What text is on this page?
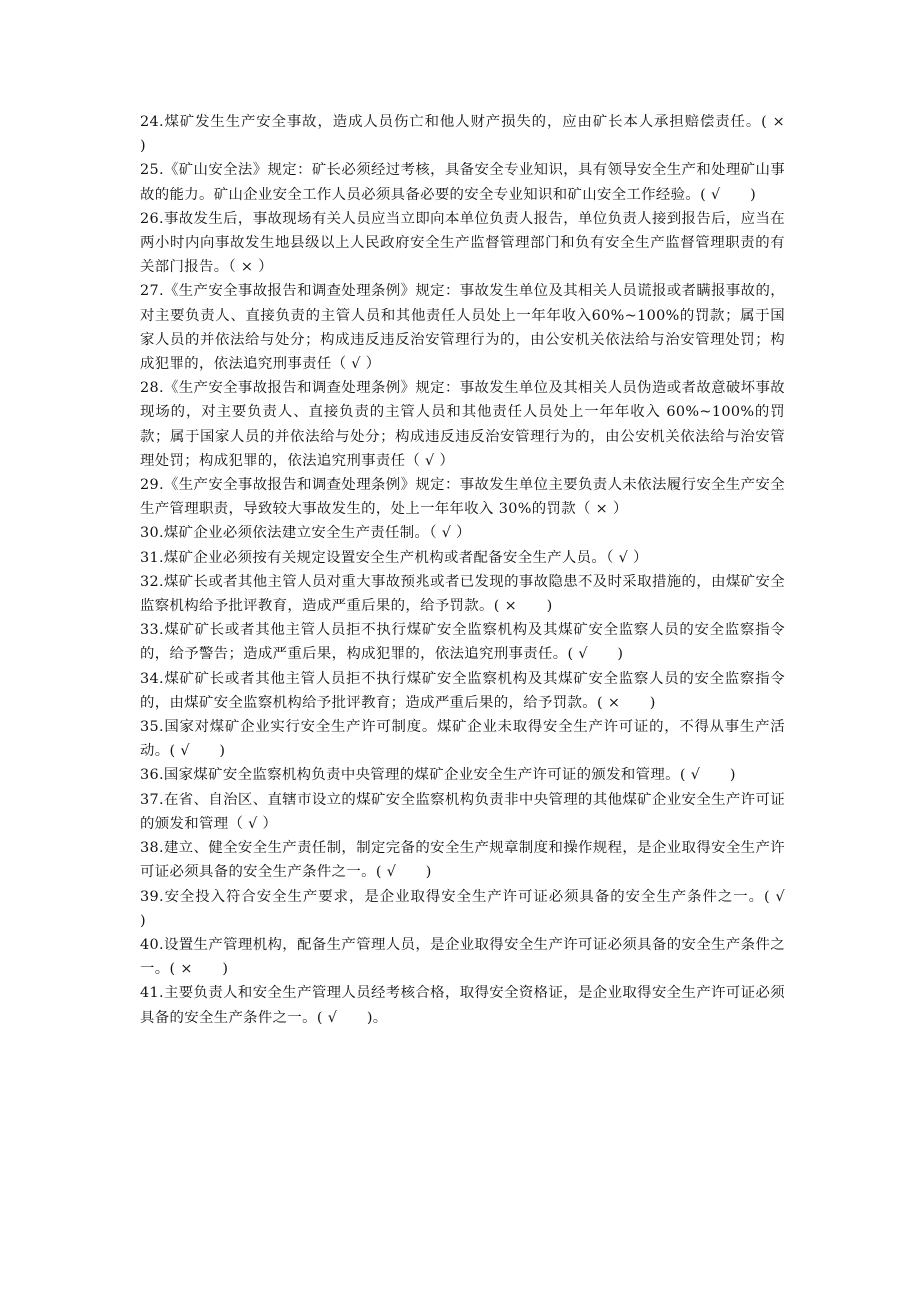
24.煤矿发生生产安全事故，造成人员伤亡和他人财产损失的，应由矿长本人承担赔偿责任。( ×      )

25.《矿山安全法》规定：矿长必须经过考核，具备安全专业知识，具有领导安全生产和处理矿山事故的能力。矿山企业安全工作人员必须具备必要的安全专业知识和矿山安全工作经验。( √      )

26.事故发生后，事故现场有关人员应当立即向本单位负责人报告，单位负责人接到报告后，应当在两小时内向事故发生地县级以上人民政府安全生产监督管理部门和负有安全生产监督管理职责的有关部门报告。（ × ）

27.《生产安全事故报告和调查处理条例》规定：事故发生单位及其相关人员谎报或者瞒报事故的，对主要负责人、直接负责的主管人员和其他责任人员处上一年年收入60%~100%的罚款；属于国家人员的并依法给与处分；构成违反违反治安管理行为的，由公安机关依法给与治安管理处罚；构成犯罪的，依法追究刑事责任（ √ ）

28.《生产安全事故报告和调查处理条例》规定：事故发生单位及其相关人员伪造或者故意破坏事故现场的，对主要负责人、直接负责的主管人员和其他责任人员处上一年年收入 60%~100%的罚款；属于国家人员的并依法给与处分；构成违反违反治安管理行为的，由公安机关依法给与治安管理处罚；构成犯罪的，依法追究刑事责任（ √ ）

29.《生产安全事故报告和调查处理条例》规定：事故发生单位主要负责人未依法履行安全生产安全生产管理职责，导致较大事故发生的，处上一年年收入 30%的罚款（ × ）

30.煤矿企业必须依法建立安全生产责任制。（ √ ）

31.煤矿企业必须按有关规定设置安全生产机构或者配备安全生产人员。（ √ ）

32.煤矿长或者其他主管人员对重大事故预兆或者已发现的事故隐患不及时采取措施的，由煤矿安全监察机构给予批评教育，造成严重后果的，给予罚款。( ×      )

33.煤矿矿长或者其他主管人员拒不执行煤矿安全监察机构及其煤矿安全监察人员的安全监察指令的，给予警告；造成严重后果，构成犯罪的，依法追究刑事责任。( √      )

34.煤矿矿长或者其他主管人员拒不执行煤矿安全监察机构及其煤矿安全监察人员的安全监察指令的，由煤矿安全监察机构给予批评教育；造成严重后果的，给予罚款。( ×      )

35.国家对煤矿企业实行安全生产许可制度。煤矿企业未取得安全生产许可证的，不得从事生产活动。( √      )

36.国家煤矿安全监察机构负责中央管理的煤矿企业安全生产许可证的颁发和管理。( √      )

37.在省、自治区、直辖市设立的煤矿安全监察机构负责非中央管理的其他煤矿企业安全生产许可证的颁发和管理（ √ ）

38.建立、健全安全生产责任制，制定完备的安全生产规章制度和操作规程，是企业取得安全生产许可证必须具备的安全生产条件之一。( √      )

39.安全投入符合安全生产要求，是企业取得安全生产许可证必须具备的安全生产条件之一。( √      )

40.设置生产管理机构，配备生产管理人员，是企业取得安全生产许可证必须具备的安全生产条件之一。( ×      )

41.主要负责人和安全生产管理人员经考核合格，取得安全资格证，是企业取得安全生产许可证必须具备的安全生产条件之一。( √      )。
